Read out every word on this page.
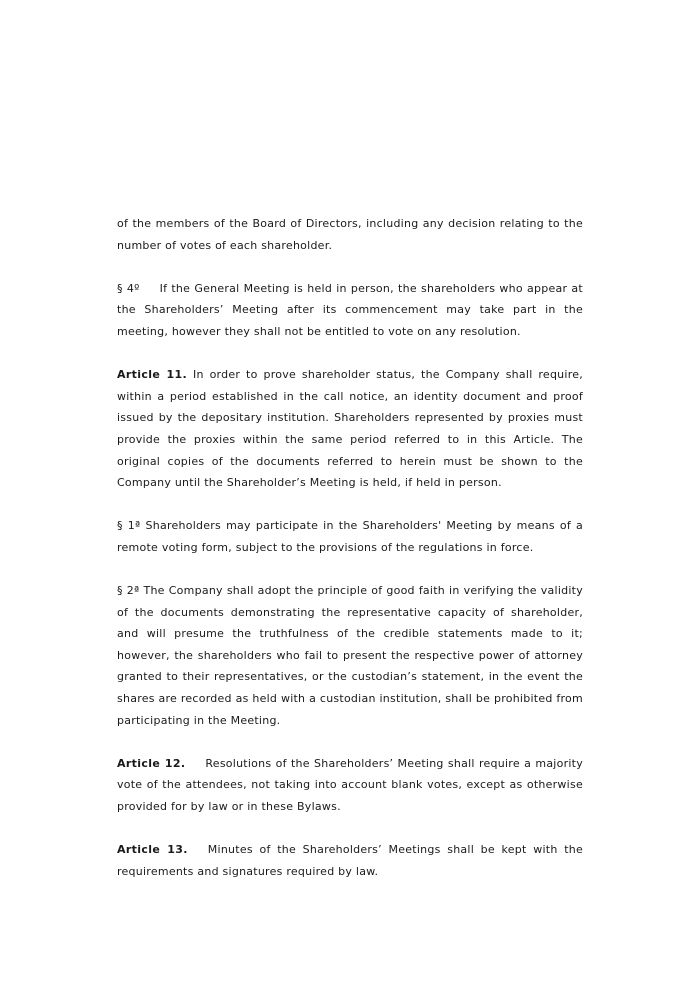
of the members of the Board of Directors, including any decision relating to the number of votes of each shareholder.

§ 4º If the General Meeting is held in person, the shareholders who appear at the Shareholders’ Meeting after its commencement may take part in the meeting, however they shall not be entitled to vote on any resolution.

Article 11. In order to prove shareholder status, the Company shall require, within a period established in the call notice, an identity document and proof issued by the depositary institution. Shareholders represented by proxies must provide the proxies within the same period referred to in this Article. The original copies of the documents referred to herein must be shown to the Company until the Shareholder’s Meeting is held, if held in person.

§ 1ª Shareholders may participate in the Shareholders' Meeting by means of a remote voting form, subject to the provisions of the regulations in force.

§ 2ª The Company shall adopt the principle of good faith in verifying the validity of the documents demonstrating the representative capacity of shareholder, and will presume the truthfulness of the credible statements made to it; however, the shareholders who fail to present the respective power of attorney granted to their representatives, or the custodian’s statement, in the event the shares are recorded as held with a custodian institution, shall be prohibited from participating in the Meeting.

Article 12. Resolutions of the Shareholders’ Meeting shall require a majority vote of the attendees, not taking into account blank votes, except as otherwise provided for by law or in these Bylaws.

Article 13. Minutes of the Shareholders’ Meetings shall be kept with the requirements and signatures required by law.
